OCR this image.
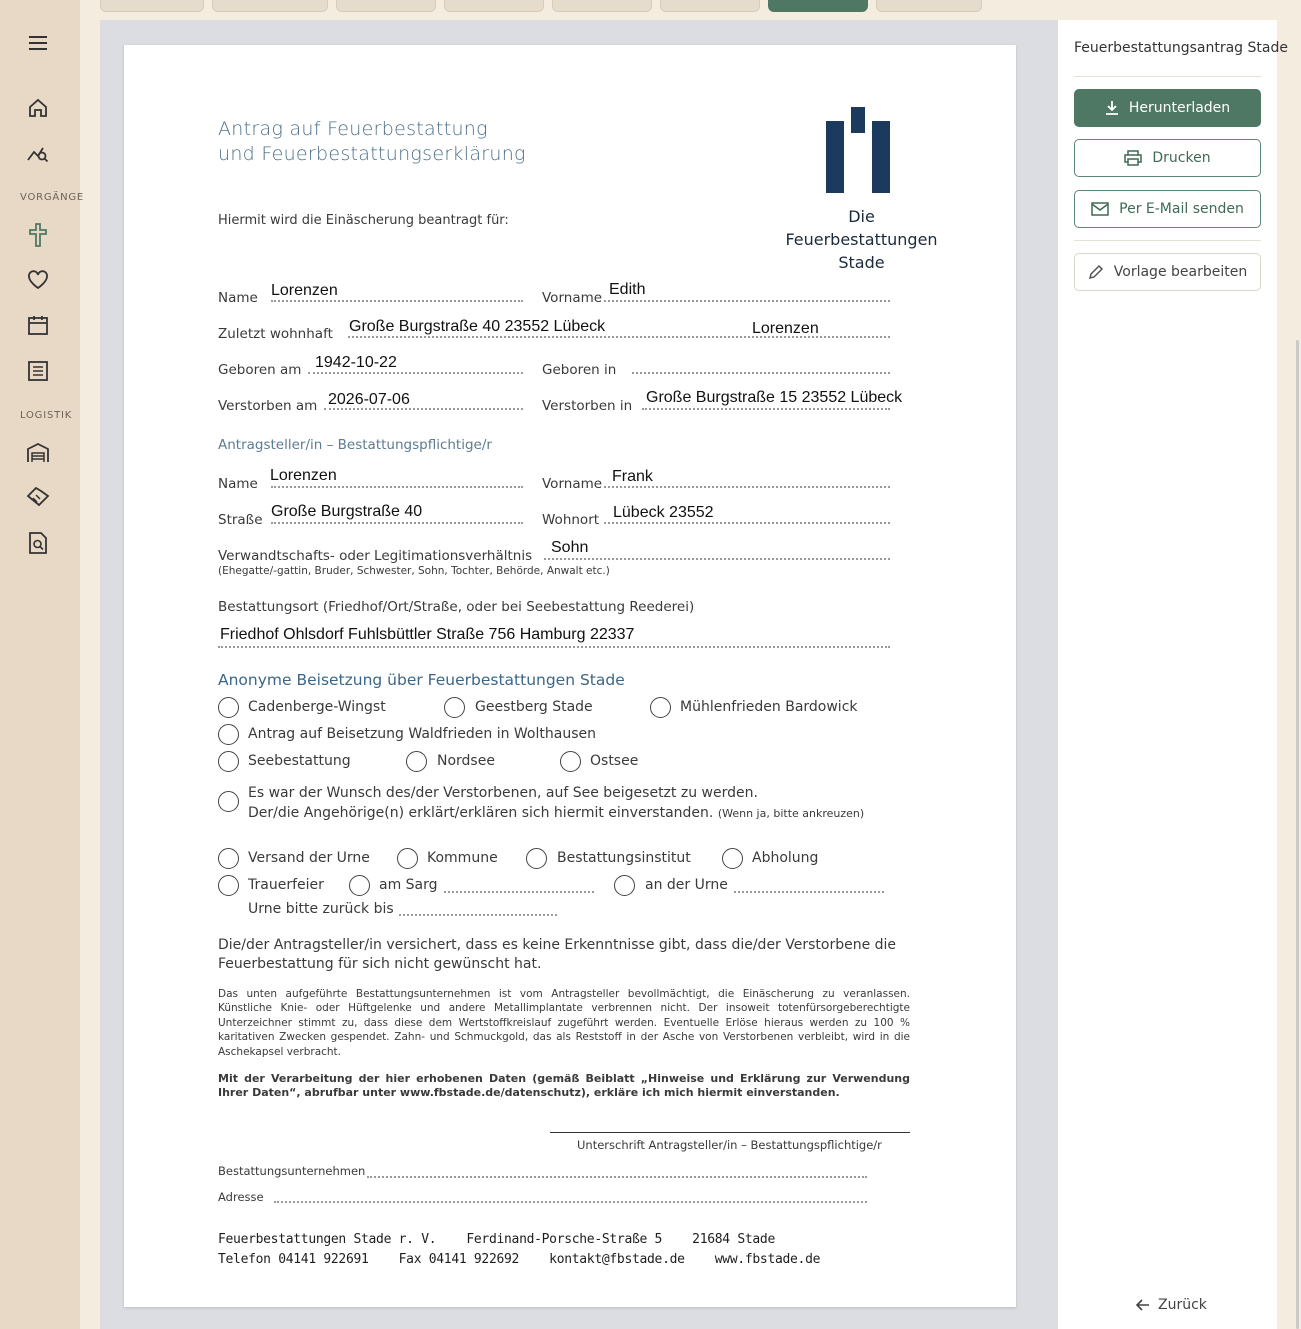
VORGÄNGE
LOGISTIK
Antrag auf Feuerbestattung
und Feuerbestattungserklärung
Die Feuerbestattungen
Stade
Hiermit wird die Einäscherung beantragt für:
Name Lorenzen	Vorname Edith
Zuletzt wohnhaft Große Burgstraße 40 23552 Lübeck	Lorenzen
Geboren am 1942-10-22	Geboren in
Verstorben am 2026-07-06	Verstorben in Große Burgstraße 15 23552 Lübeck
Antragsteller/in – Bestattungspflichtige/r
Name Lorenzen	Vorname Frank
Straße Große Burgstraße 40	Wohnort Lübeck 23552
Verwandtschafts- oder Legitimationsverhältnis Sohn
(Ehegatte/-gattin, Bruder, Schwester, Sohn, Tochter, Behörde, Anwalt etc.)
Bestattungsort (Friedhof/Ort/Straße, oder bei Seebestattung Reederei)
Friedhof Ohlsdorf Fuhlsbüttler Straße 756 Hamburg 22337
Anonyme Beisetzung über Feuerbestattungen Stade
Cadenberge-Wingst	Geestberg Stade	Mühlenfrieden Bardowick
Antrag auf Beisetzung Waldfrieden in Wolthausen
Seebestattung	Nordsee	Ostsee
Es war der Wunsch des/der Verstorbenen, auf See beigesetzt zu werden.
Der/die Angehörige(n) erklärt/erklären sich hiermit einverstanden. (Wenn ja, bitte ankreuzen)
Versand der Urne	Kommune	Bestattungsinstitut	Abholung
Trauerfeier	am Sarg	an der Urne
Urne bitte zurück bis
Die/der Antragsteller/in versichert, dass es keine Erkenntnisse gibt, dass die/der Verstorbene die Feuerbestattung für sich nicht gewünscht hat.
Das unten aufgeführte Bestattungsunternehmen ist vom Antragsteller bevollmächtigt, die Einäscherung zu veranlassen. Künstliche Knie- oder Hüftgelenke und andere Metallimplantate verbrennen nicht. Der insoweit totenfürsorgeberechtigte Unterzeichner stimmt zu, dass diese dem Wertstoffkreislauf zugeführt werden. Eventuelle Erlöse hieraus werden zu 100 % karitativen Zwecken gespendet. Zahn- und Schmuckgold, das als Reststoff in der Asche von Verstorbenen verbleibt, wird in die Aschekapsel verbracht.
Mit der Verarbeitung der hier erhobenen Daten (gemäß Beiblatt „Hinweise und Erklärung zur Verwendung Ihrer Daten“, abrufbar unter www.fbstade.de/datenschutz), erkläre ich mich hiermit einverstanden.
Unterschrift Antragsteller/in – Bestattungspflichtige/r
Bestattungsunternehmen
Adresse
Feuerbestattungen Stade r. V.    Ferdinand-Porsche-Straße 5    21684 Stade
Telefon 04141 922691    Fax 04141 922692    kontakt@fbstade.de    www.fbstade.de
Feuerbestattungsantrag Stade
Herunterladen
Drucken
Per E-Mail senden
Vorlage bearbeiten
Zurück
